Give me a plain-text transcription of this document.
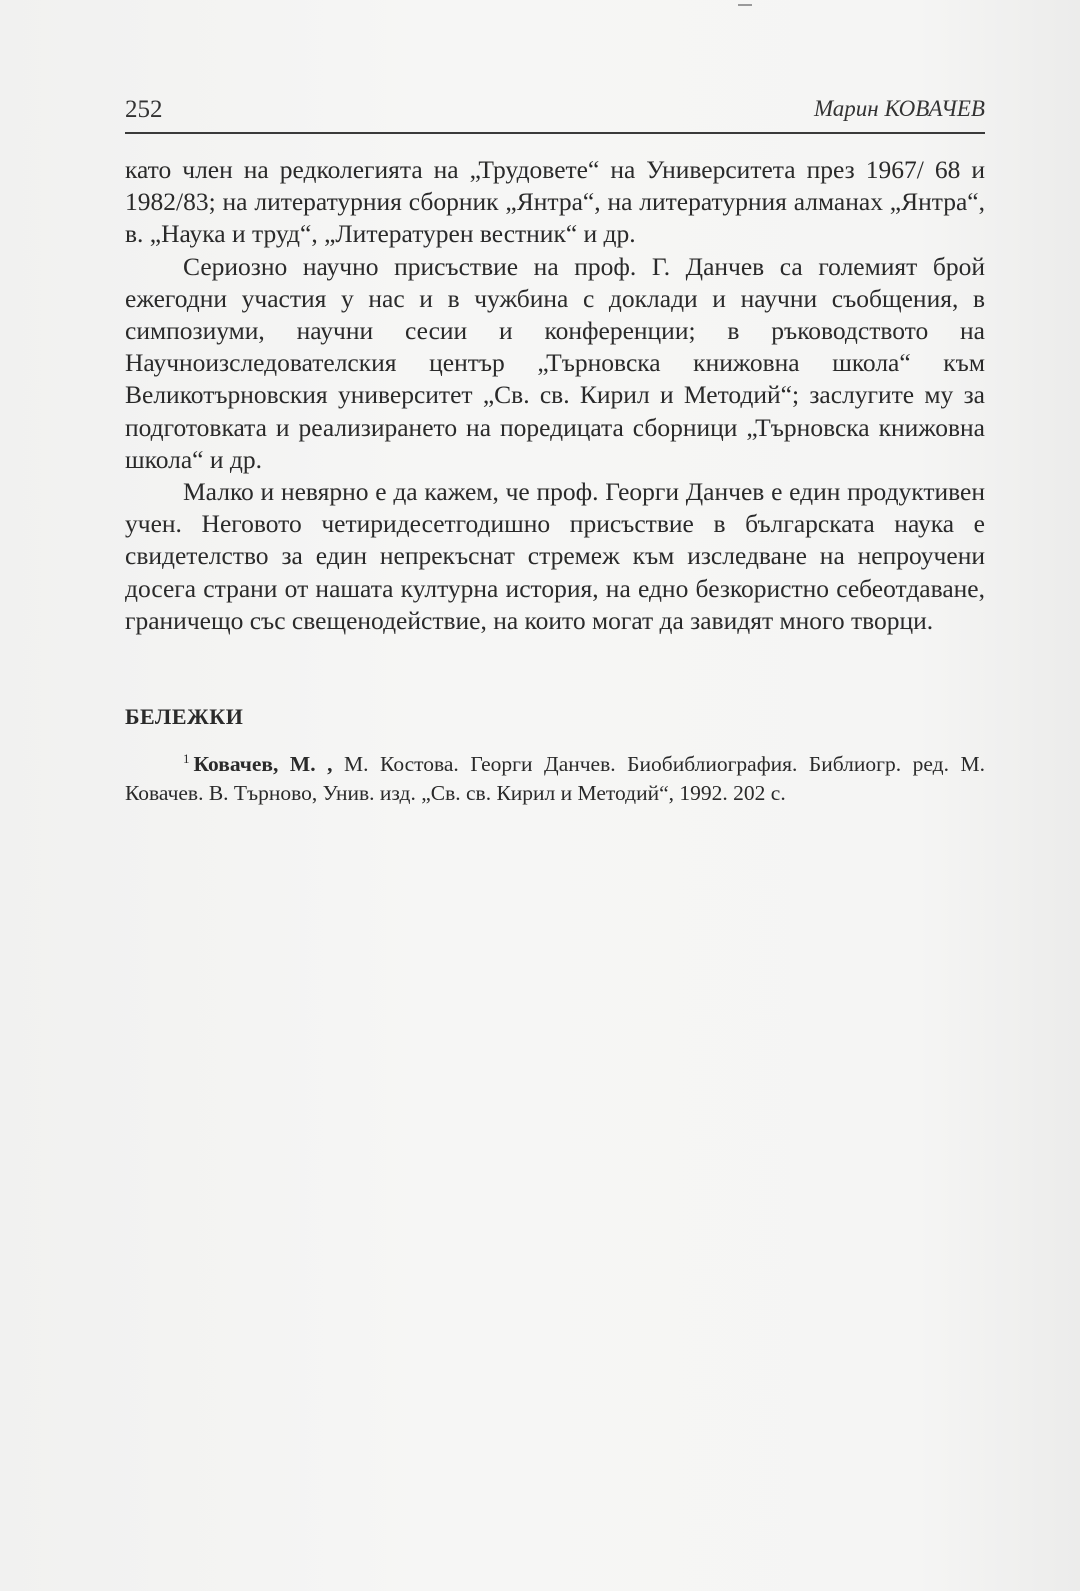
252	Марин КОВАЧЕВ

като член на редколегията на „Трудовете“ на Университета през 1967/ 68 и 1982/83; на литературния сборник „Янтра“, на литературния алманах „Янтра“, в. „Наука и труд“, „Литературен вестник“ и др.

Сериозно научно присъствие на проф. Г. Данчев са големият брой ежегодни участия у нас и в чужбина с доклади и научни съобщения, в симпозиуми, научни сесии и конференции; в ръководството на Научноизследователския център „Търновска книжовна школа“ към Великотърновския университет „Св. св. Кирил и Методий“; заслугите му за подготовката и реализирането на поредицата сборници „Търновска книжовна школа“ и др.

Малко и невярно е да кажем, че проф. Георги Данчев е един продуктивен учен. Неговото четиридесетгодишно присъствие в българската наука е свидетелство за един непрекъснат стремеж към изследване на непроучени досега страни от нашата културна история, на едно безкористно себеотдаване, граничещо със свещенодействие, на които могат да завидят много творци.

БЕЛЕЖКИ
$^1$ Ковачев, М. , М. Костова. Георги Данчев. Биобиблиография. Библиогр. ред. М. Ковачев. В. Търново, Унив. изд. „Св. св. Кирил и Методий“, 1992. 202 с.
